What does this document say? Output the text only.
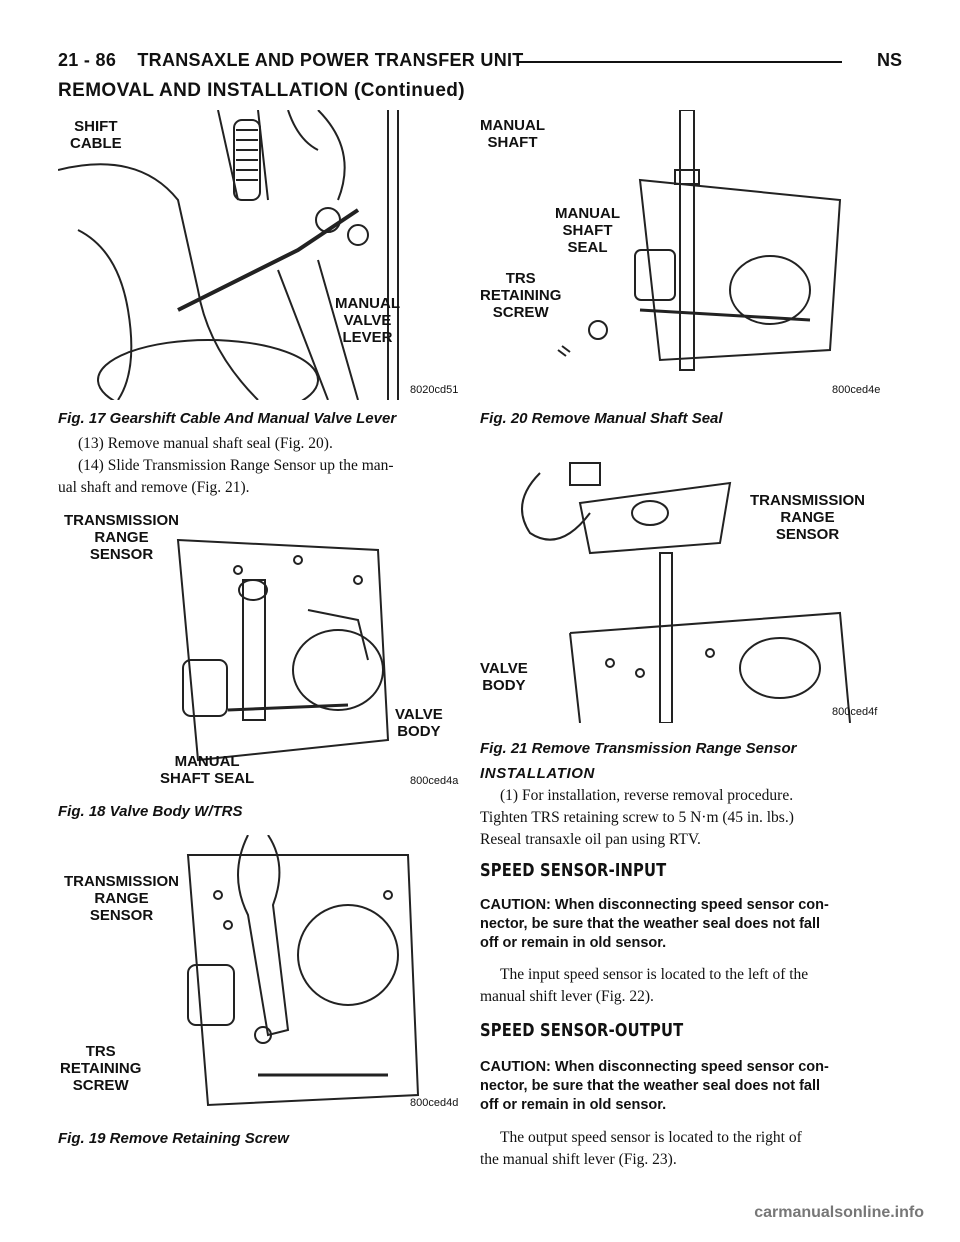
21 - 86 TRANSAXLE AND POWER TRANSFER UNIT	NS
REMOVAL AND INSTALLATION (Continued)
SHIFT
CABLE
MANUAL
VALVE
LEVER
8020cd51
Fig. 17 Gearshift Cable And Manual Valve Lever
MANUAL
SHAFT
MANUAL
SHAFT
SEAL
TRS
RETAINING
SCREW
800ced4e
Fig. 20 Remove Manual Shaft Seal
(13) Remove manual shaft seal (Fig. 20).
(14) Slide Transmission Range Sensor up the man-
ual shaft and remove (Fig. 21).
TRANSMISSION
RANGE
SENSOR
VALVE
BODY
MANUAL
SHAFT SEAL	800ced4a
Fig. 18 Valve Body W/TRS
TRANSMISSION
RANGE
SENSOR
VALVE
BODY
800ced4f
Fig. 21 Remove Transmission Range Sensor
INSTALLATION
(1) For installation, reverse removal procedure.
Tighten TRS retaining screw to 5 N·m (45 in. lbs.)
Reseal transaxle oil pan using RTV.
SPEED SENSOR-INPUT
CAUTION: When disconnecting speed sensor con-
nector, be sure that the weather seal does not fall
off or remain in old sensor.
The input speed sensor is located to the left of the
manual shift lever (Fig. 22).
SPEED SENSOR-OUTPUT
CAUTION: When disconnecting speed sensor con-
nector, be sure that the weather seal does not fall
off or remain in old sensor.
The output speed sensor is located to the right of
the manual shift lever (Fig. 23).
TRANSMISSION
RANGE
SENSOR
TRS
RETAINING
SCREW
800ced4d
Fig. 19 Remove Retaining Screw
carmanualsonline.info
